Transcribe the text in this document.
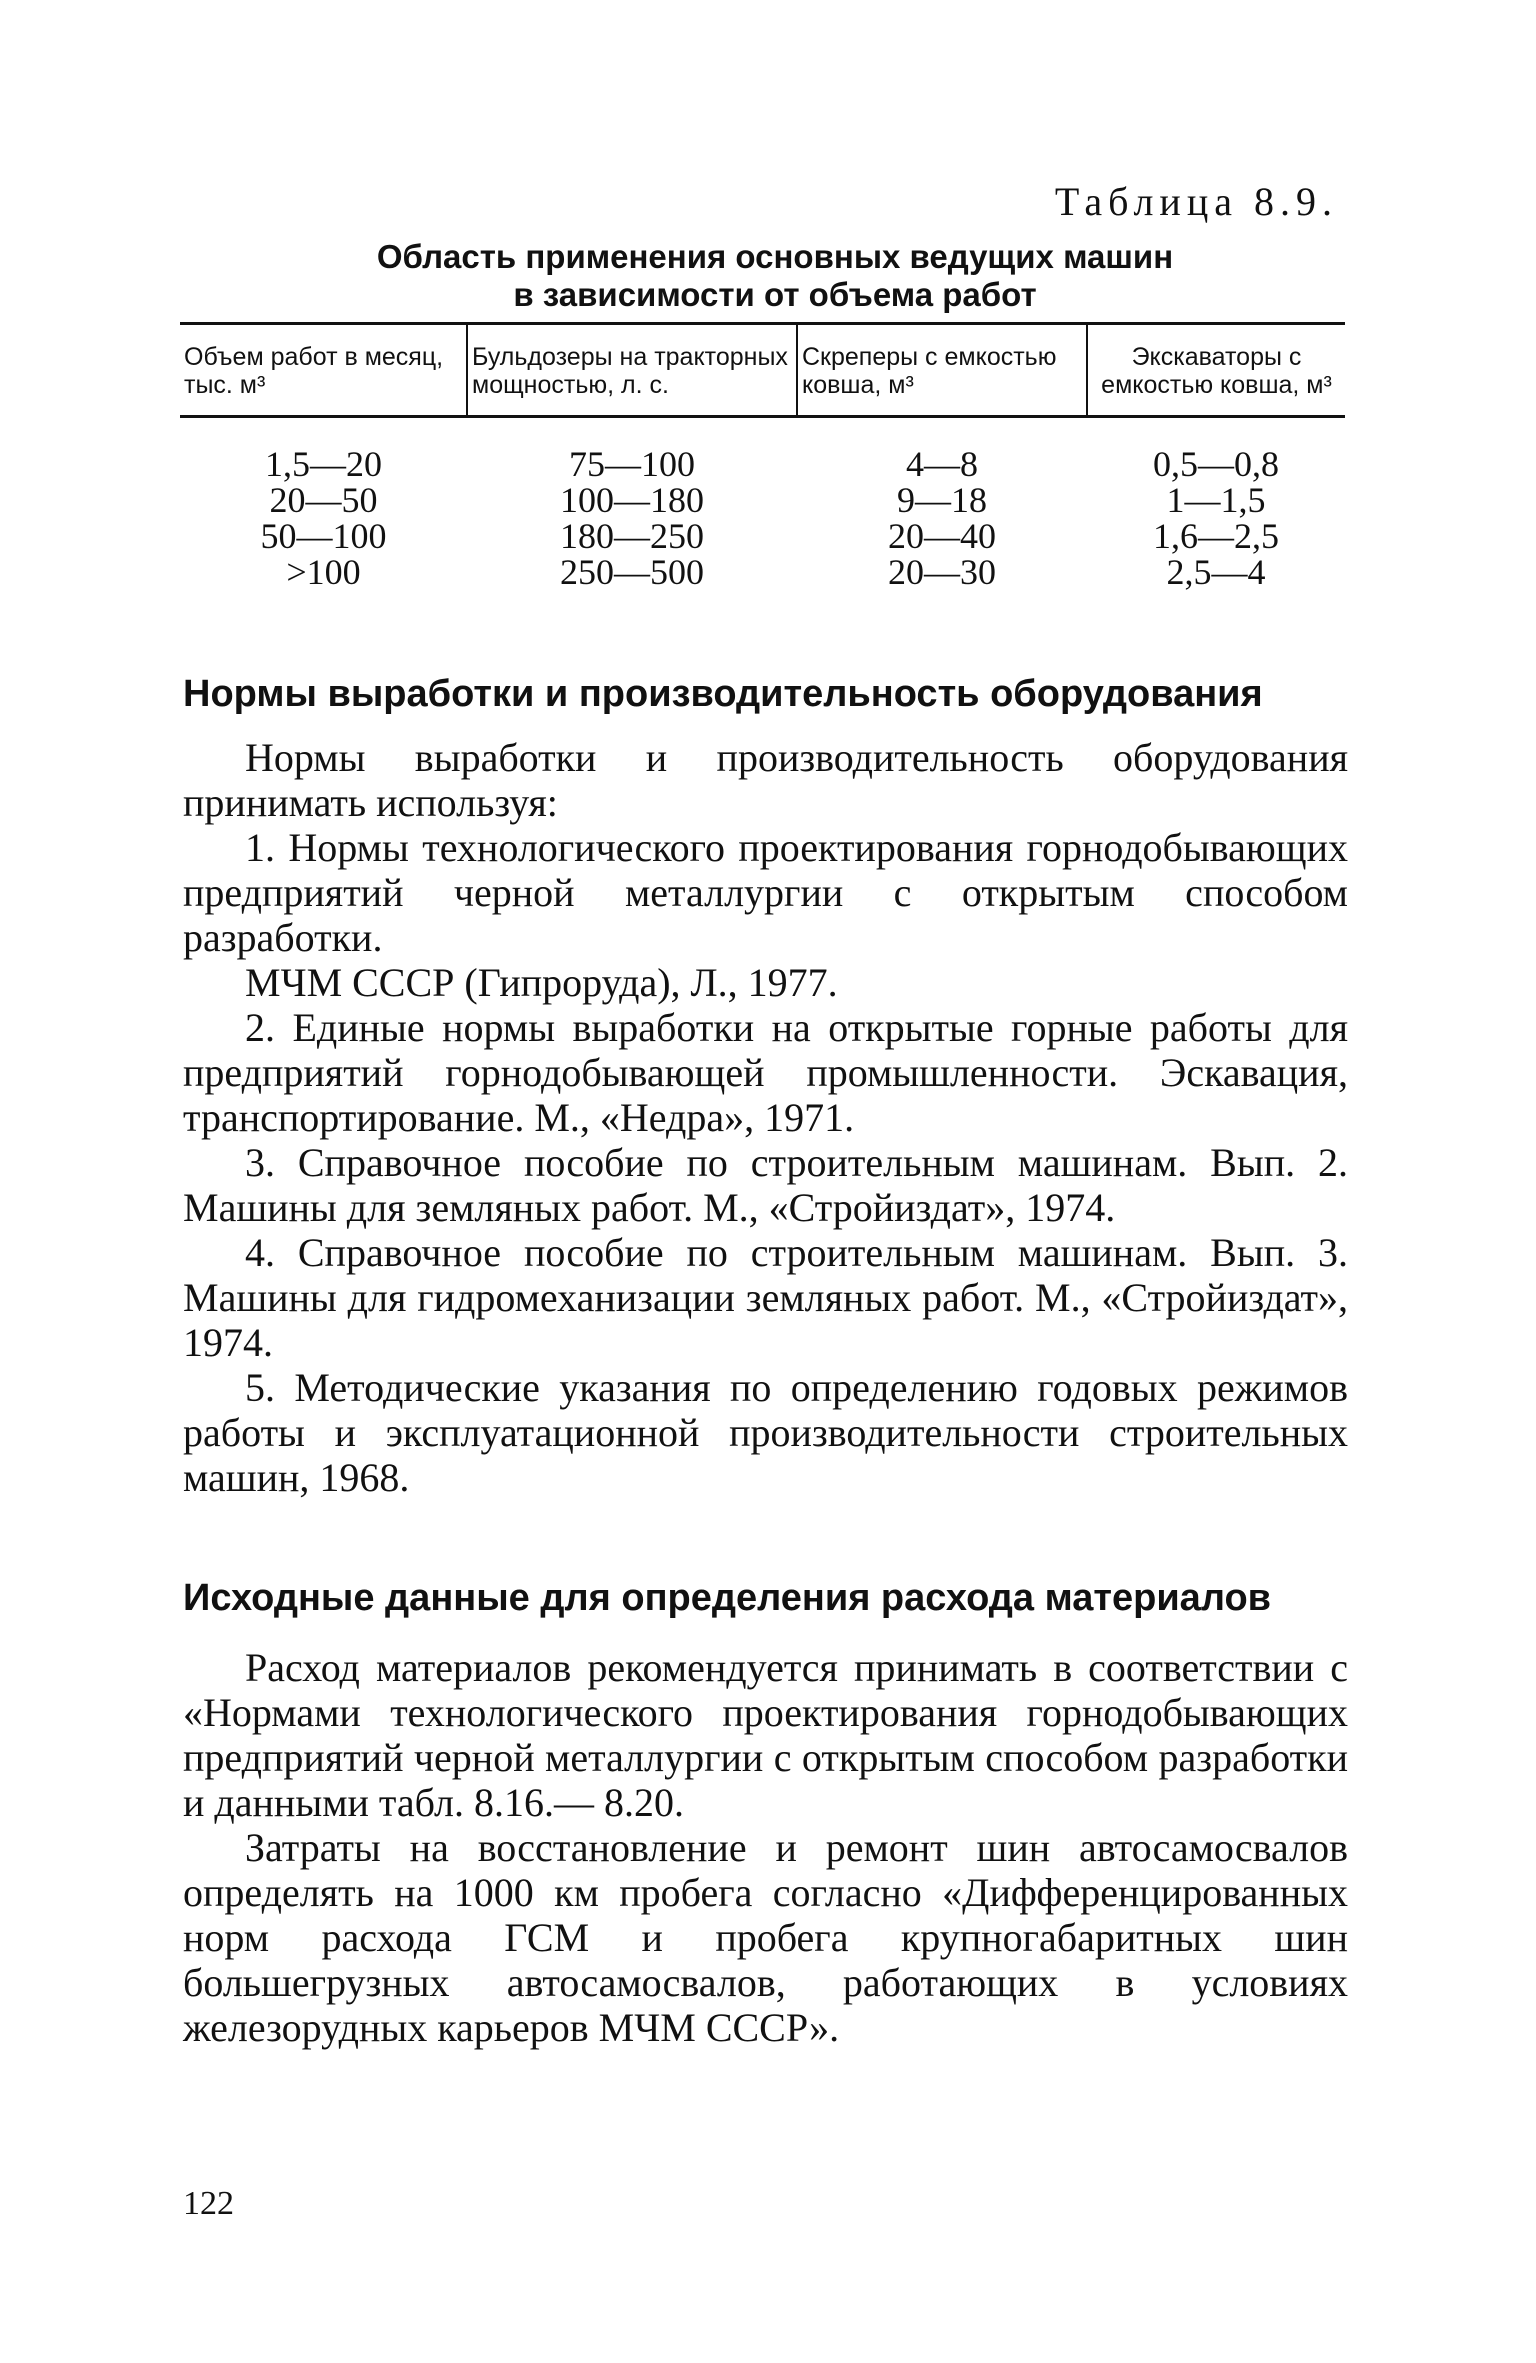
Таблица 8.9.
Область применения основных ведущих машин
в зависимости от объема работ
Объем работ в месяц, тыс. м³	Бульдозеры на тракторных мощностью, л. с.	Скреперы с емкостью ковша, м³	Экскаваторы с емкостью ковша, м³
1,5—20	75—100	4—8	0,5—0,8
20—50	100—180	9—18	1—1,5
50—100	180—250	20—40	1,6—2,5
>100	250—500	20—30	2,5—4
Нормы выработки и производительность оборудования

Нормы выработки и производительность оборудования принимать используя:

1. Нормы технологического проектирования горнодобывающих предприятий черной металлургии с открытым способом разработки.

МЧМ СССР (Гипроруда), Л., 1977.

2. Единые нормы выработки на открытые горные работы для предприятий горнодобывающей промышленности. Эскавация, транспортирование. М., «Недра», 1971.

3. Справочное пособие по строительным машинам. Вып. 2. Машины для земляных работ. М., «Стройиздат», 1974.

4. Справочное пособие по строительным машинам. Вып. 3. Машины для гидромеханизации земляных работ. М., «Стройиздат», 1974.

5. Методические указания по определению годовых режимов работы и эксплуатационной производительности строительных машин, 1968.

Исходные данные для определения расхода материалов

Расход материалов рекомендуется принимать в соответствии с «Нормами технологического проектирования горнодобывающих предприятий черной металлургии с открытым способом разработки и данными табл. 8.16.— 8.20.

Затраты на восстановление и ремонт шин автосамосвалов определять на 1000 км пробега согласно «Дифференцированных норм расхода ГСМ и пробега крупногабаритных шин большегрузных автосамосвалов, работающих в условиях железорудных карьеров МЧМ СССР».

122
